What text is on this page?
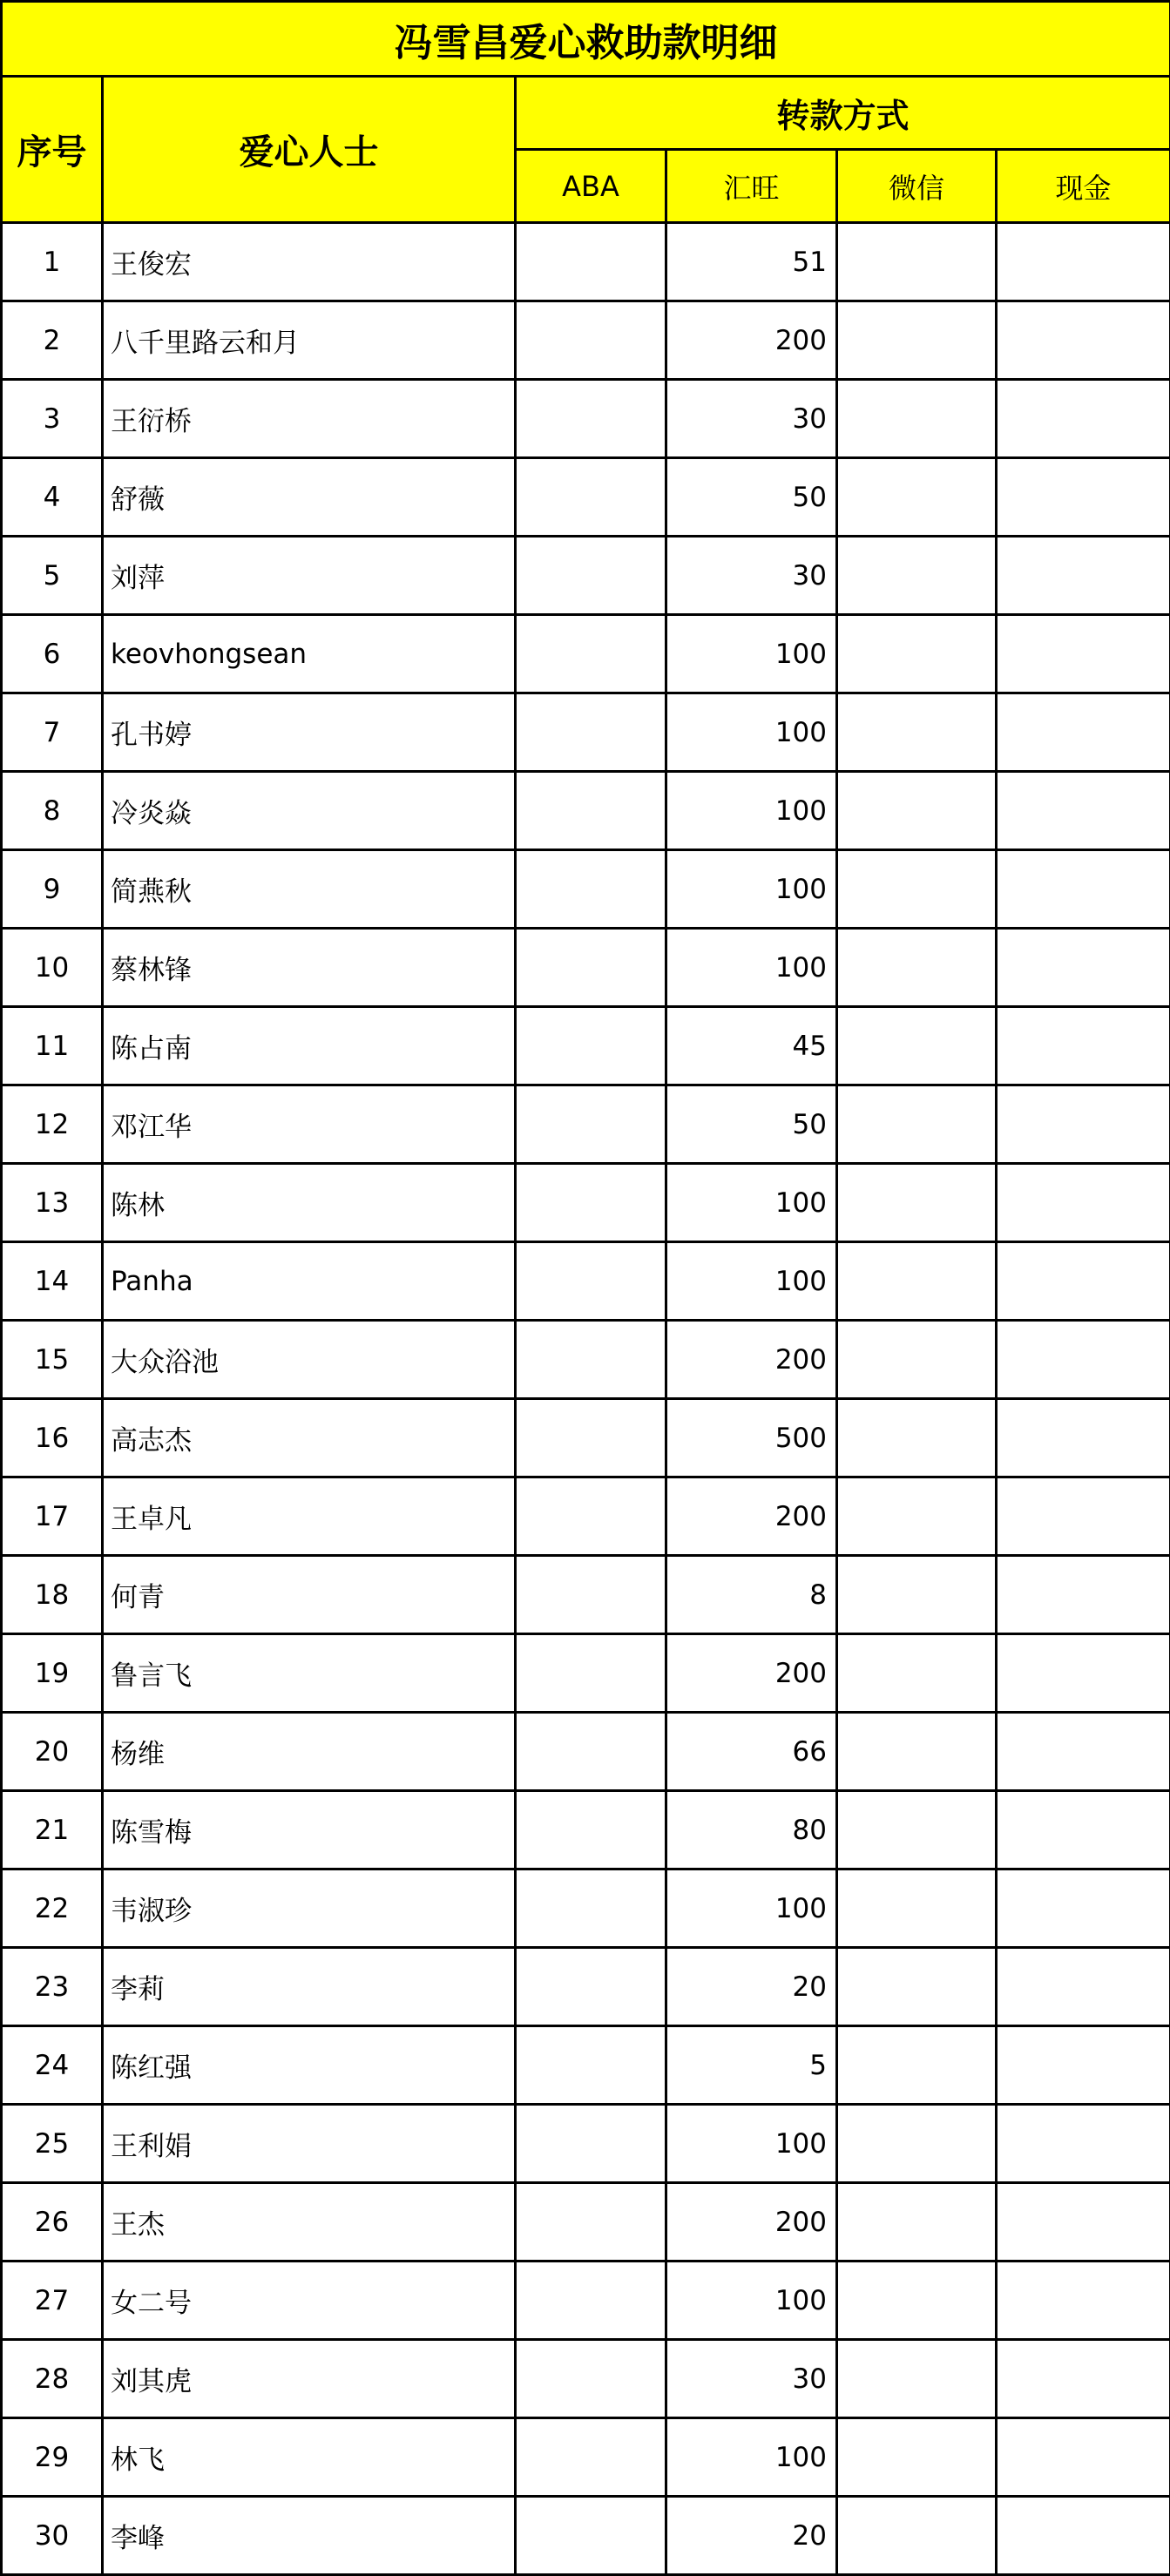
冯雪昌爱心救助款明细					
序号	爱心人士	转款方式			
		ABA	汇旺	微信	现金
1	王俊宏		51		
2	八千里路云和月		200		
3	王衍桥		30		
4	舒薇		50		
5	刘萍		30		
6	keovhongsean		100		
7	孔书婷		100		
8	冷炎焱		100		
9	简燕秋		100		
10	蔡林锋		100		
11	陈占南		45		
12	邓江华		50		
13	陈林		100		
14	Panha		100		
15	大众浴池		200		
16	高志杰		500		
17	王卓凡		200		
18	何青		8		
19	鲁言飞		200		
20	杨维		66		
21	陈雪梅		80		
22	韦淑珍		100		
23	李莉		20		
24	陈红强		5		
25	王利娟		100		
26	王杰		200		
27	女二号		100		
28	刘其虎		30		
29	林飞		100		
30	李峰		20		
